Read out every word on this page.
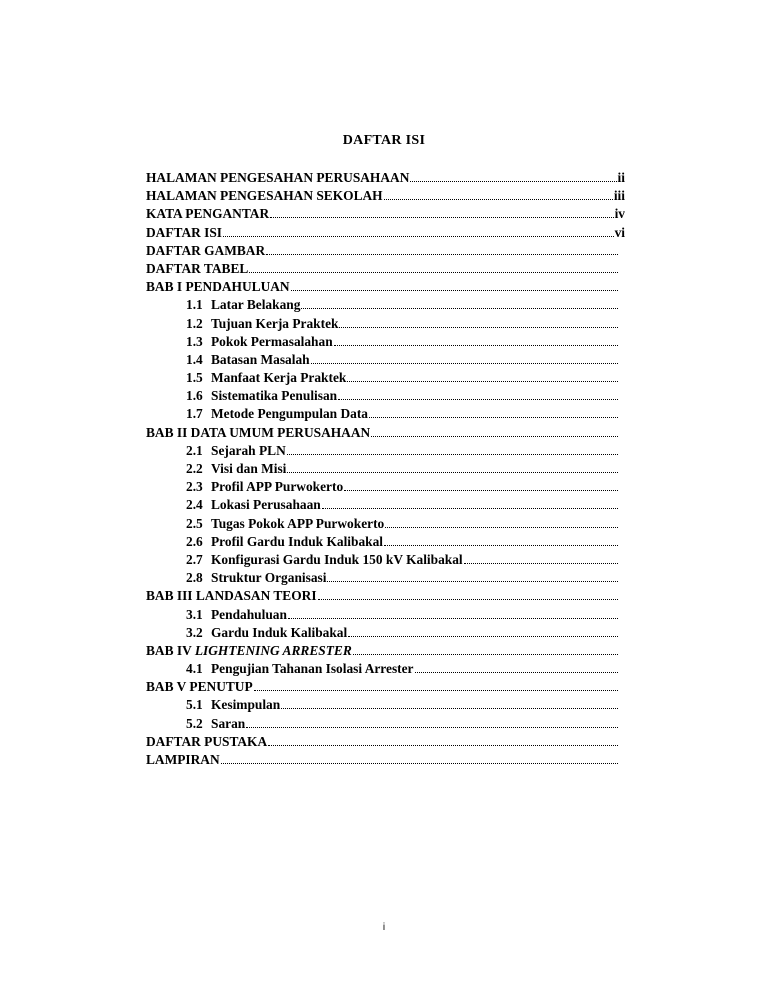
DAFTAR ISI
HALAMAN PENGESAHAN PERUSAHAAN	ii
HALAMAN PENGESAHAN SEKOLAH	iii
KATA PENGANTAR	iv
DAFTAR ISI	vi
DAFTAR GAMBAR
DAFTAR TABEL
BAB I PENDAHULUAN
1.1 Latar Belakang
1.2 Tujuan Kerja Praktek
1.3 Pokok Permasalahan
1.4 Batasan Masalah
1.5 Manfaat Kerja Praktek
1.6 Sistematika Penulisan
1.7 Metode Pengumpulan Data
BAB II DATA UMUM PERUSAHAAN
2.1 Sejarah PLN
2.2 Visi dan Misi
2.3 Profil APP Purwokerto
2.4 Lokasi Perusahaan
2.5 Tugas Pokok APP Purwokerto
2.6 Profil Gardu Induk Kalibakal
2.7 Konfigurasi Gardu Induk 150 kV Kalibakal
2.8 Struktur Organisasi
BAB III LANDASAN TEORI
3.1 Pendahuluan
3.2 Gardu Induk Kalibakal
BAB IV LIGHTENING ARRESTER
4.1 Pengujian Tahanan Isolasi Arrester
BAB V PENUTUP
5.1 Kesimpulan
5.2 Saran
DAFTAR PUSTAKA
LAMPIRAN
i
